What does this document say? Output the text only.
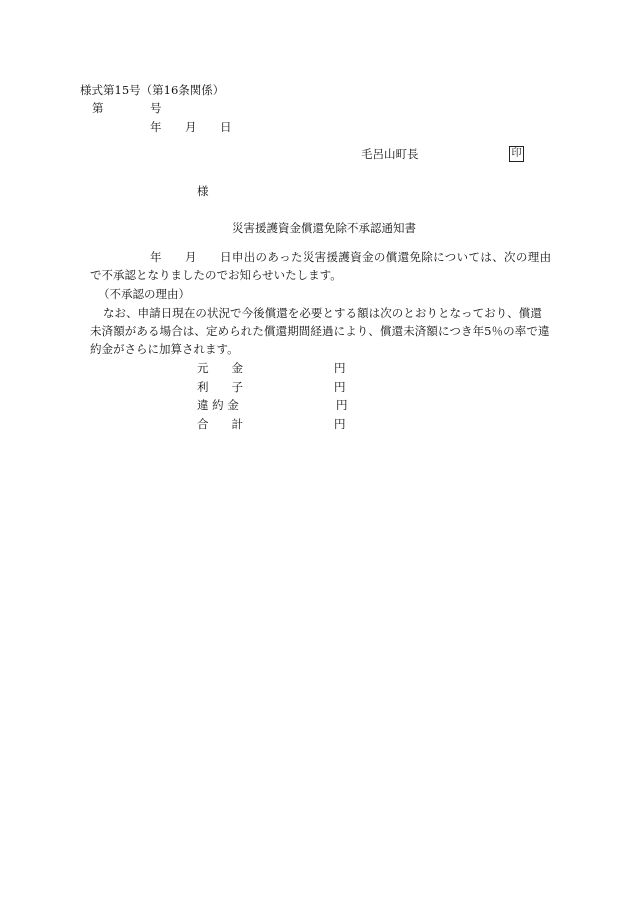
様式第15号（第16条関係）
第	号
年 月 日
毛呂山町長	印
様
災害援護資金償還免除不承認通知書
年 月 日申出のあった災害援護資金の償還免除については、次の理由
で不承認となりましたのでお知らせいたします。
（不承認の理由）
なお、申請日現在の状況で今後償還を必要とする額は次のとおりとなっており、償還
未済額がある場合は、定められた償還期間経過により、償還未済額につき年5％の率で違
約金がさらに加算されます。
元　　金	円
利　　子	円
違 約 金	円
合　　計	円
